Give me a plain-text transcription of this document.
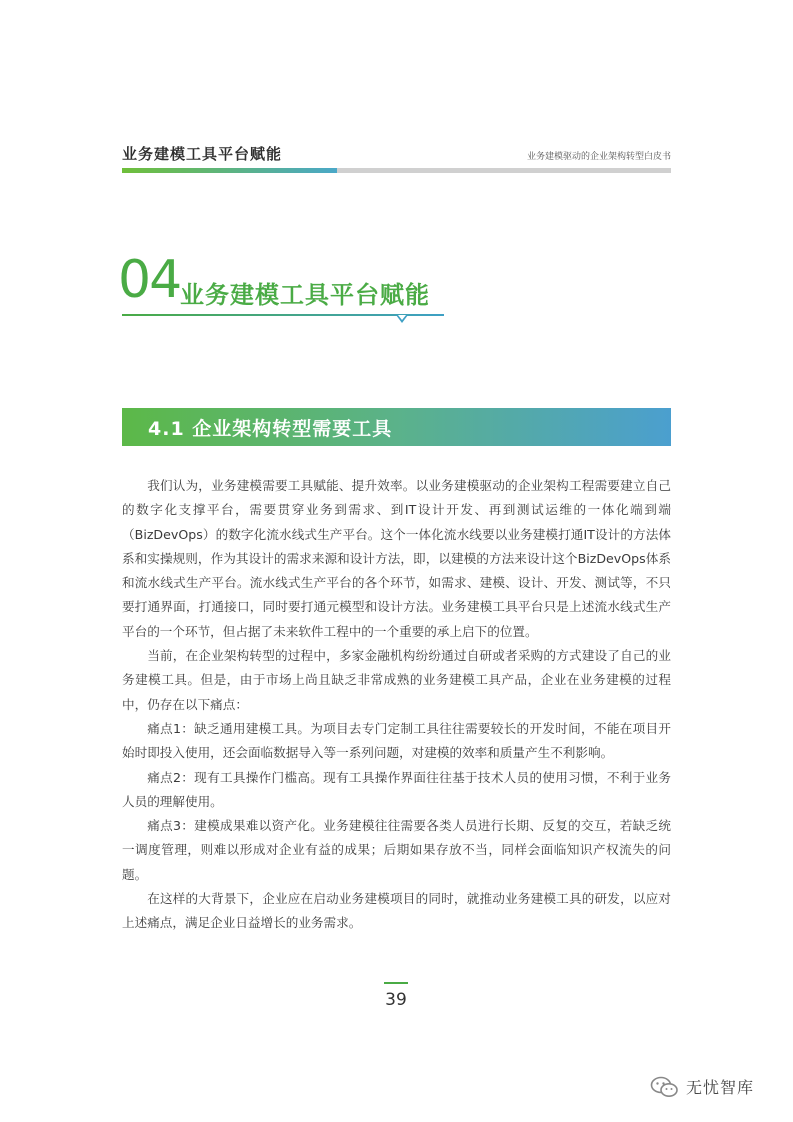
业务建模工具平台赋能	业务建模驱动的企业架构转型白皮书
04 业务建模工具平台赋能
4.1 企业架构转型需要工具

我们认为，业务建模需要工具赋能、提升效率。以业务建模驱动的企业架构工程需要建立自己的数字化支撑平台，需要贯穿业务到需求、到IT设计开发、再到测试运维的一体化端到端（BizDevOps）的数字化流水线式生产平台。这个一体化流水线要以业务建模打通IT设计的方法体系和实操规则，作为其设计的需求来源和设计方法，即，以建模的方法来设计这个BizDevOps体系和流水线式生产平台。流水线式生产平台的各个环节，如需求、建模、设计、开发、测试等，不只要打通界面，打通接口，同时要打通元模型和设计方法。业务建模工具平台只是上述流水线式生产平台的一个环节，但占据了未来软件工程中的一个重要的承上启下的位置。

当前，在企业架构转型的过程中，多家金融机构纷纷通过自研或者采购的方式建设了自己的业务建模工具。但是，由于市场上尚且缺乏非常成熟的业务建模工具产品，企业在业务建模的过程中，仍存在以下痛点：

痛点1：缺乏通用建模工具。为项目去专门定制工具往往需要较长的开发时间，不能在项目开始时即投入使用，还会面临数据导入等一系列问题，对建模的效率和质量产生不利影响。

痛点2：现有工具操作门槛高。现有工具操作界面往往基于技术人员的使用习惯，不利于业务人员的理解使用。

痛点3：建模成果难以资产化。业务建模往往需要各类人员进行长期、反复的交互，若缺乏统一调度管理，则难以形成对企业有益的成果；后期如果存放不当，同样会面临知识产权流失的问题。

在这样的大背景下，企业应在启动业务建模项目的同时，就推动业务建模工具的研发，以应对上述痛点，满足企业日益增长的业务需求。

39
无忧智库
